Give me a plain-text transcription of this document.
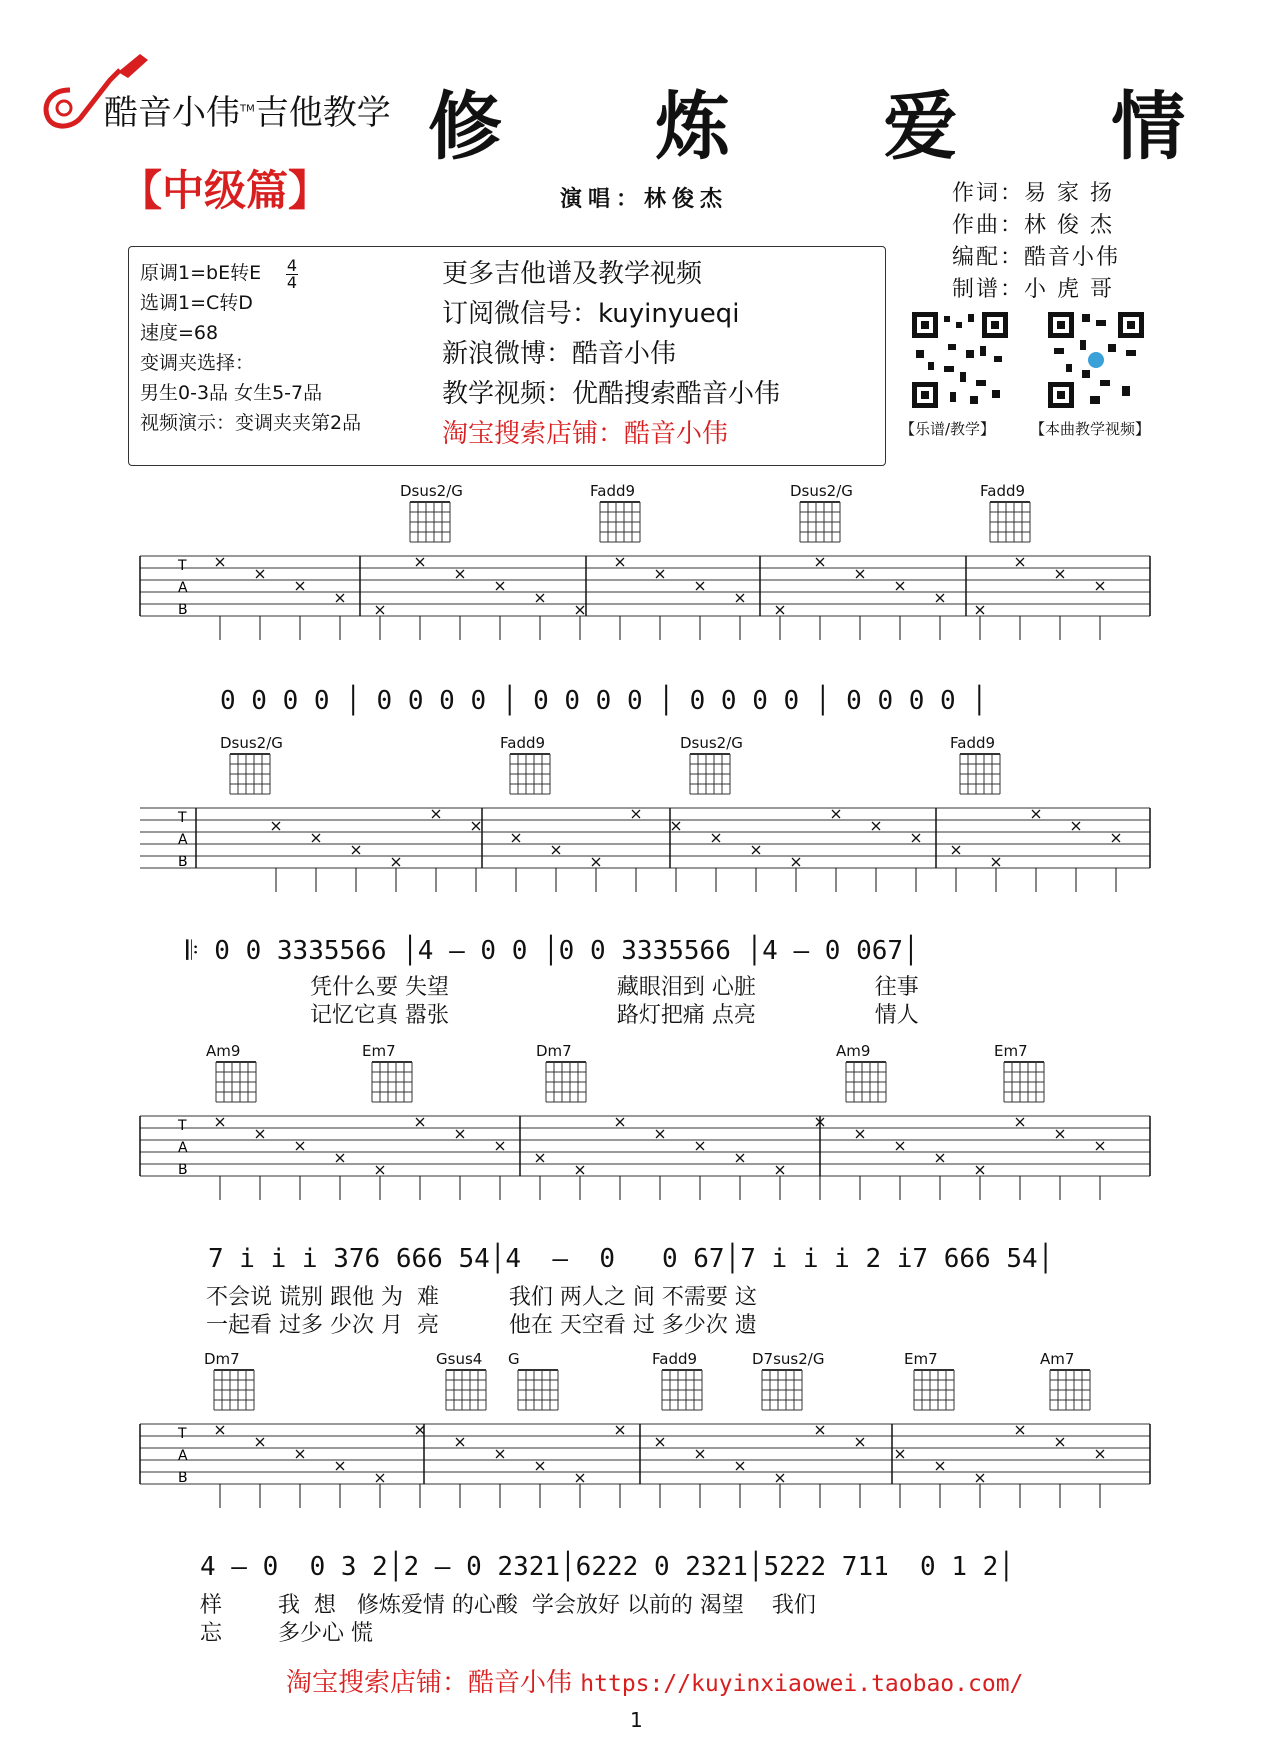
酷音小伟™吉他教学 修 炼 爱 情
【中级篇】	演唱：林俊杰	作词：易 家 扬
作曲：林 俊 杰
编配：酷音小伟
制谱：小 虎 哥
原调1=bE转E
选调1=C转D
速度=68
变调夹选择：
男生0-3品 女生5-7品
视频演示：变调夹夹第2品
4
4	更多吉他谱及教学视频
订阅微信号：kuyinyueqi
新浪微博：酷音小伟
教学视频：优酷搜索酷音小伟
淘宝搜索店铺：酷音小伟	【乐谱/教学】 【本曲教学视频】
T
A
B
T
A
B
T
A
B
T
A
B
Dsus2/G	Fadd9	Dsus2/G	Fadd9
Dsus2/G	Fadd9	Dsus2/G	Fadd9
Am9	Em7	Dm7	Am9	Em7
Dm7	Gsus4 G	Fadd9	D7sus2/G	Em7	Am7
0 0 0 0 │ 0 0 0 0 │ 0 0 0 0 │ 0 0 0 0 │ 0 0 0 0 │
𝄆 0 0 3335566 │4 – 0 0 │0 0 3335566 │4 – 0 067│
凭什么要 失望                        藏眼泪到 心脏                 往事
记忆它真 嚣张                        路灯把痛 点亮                 情人
7 i i i 376 666 54│4  –  0   0 67│7 i i i 2 i7 666 54│
不会说 谎别 跟他 为  难          我们 两人之 间 不需要 这
一起看 过多 少次 月  亮          他在 天空看 过 多少次 遗
4 – 0  0 3 2│2 – 0 2321│6222 0 2321│5222 711  0 1 2│
样        我  想   修炼爱情 的心酸  学会放好 以前的 渴望    我们
忘        多少心 慌
淘宝搜索店铺：酷音小伟 https://kuyinxiaowei.taobao.com/
1
